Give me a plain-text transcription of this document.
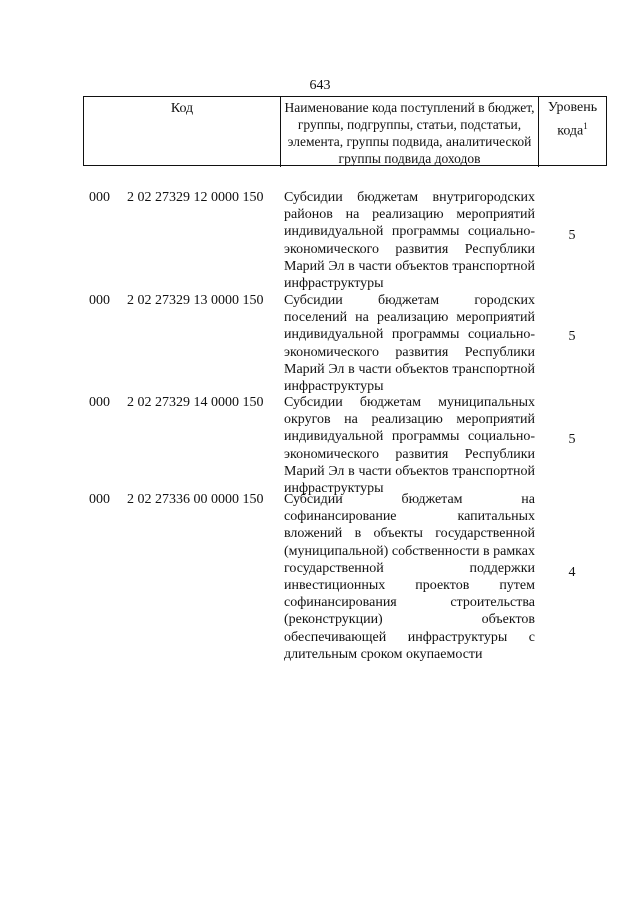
643
Код	Наименование кода поступлений в бюджет, группы, подгруппы, статьи, подстатьи, элемента, группы подвида, аналитической группы подвида доходов
Уровень кода$^1$
000 2 02 27329 12 0000 150 Субсидии бюджетам внутригородских районов на реализацию мероприятий индивидуальной программы социально-экономического развития Республики Марий Эл в части объектов транспортной инфраструктуры
5
000 2 02 27329 13 0000 150 Субсидии бюджетам городских поселений на реализацию мероприятий индивидуальной программы социально-экономического развития Республики Марий Эл в части объектов транспортной инфраструктуры
5
000 2 02 27329 14 0000 150 Субсидии бюджетам муниципальных округов на реализацию мероприятий индивидуальной программы социально-экономического развития Республики Марий Эл в части объектов транспортной инфраструктуры
5
000 2 02 27336 00 0000 150 Субсидии бюджетам на софинансирование капитальных вложений в объекты государственной (муниципальной) собственности в рамках государственной поддержки инвестиционных проектов путем софинансирования строительства (реконструкции) объектов обеспечивающей инфраструктуры с длительным сроком окупаемости
4
